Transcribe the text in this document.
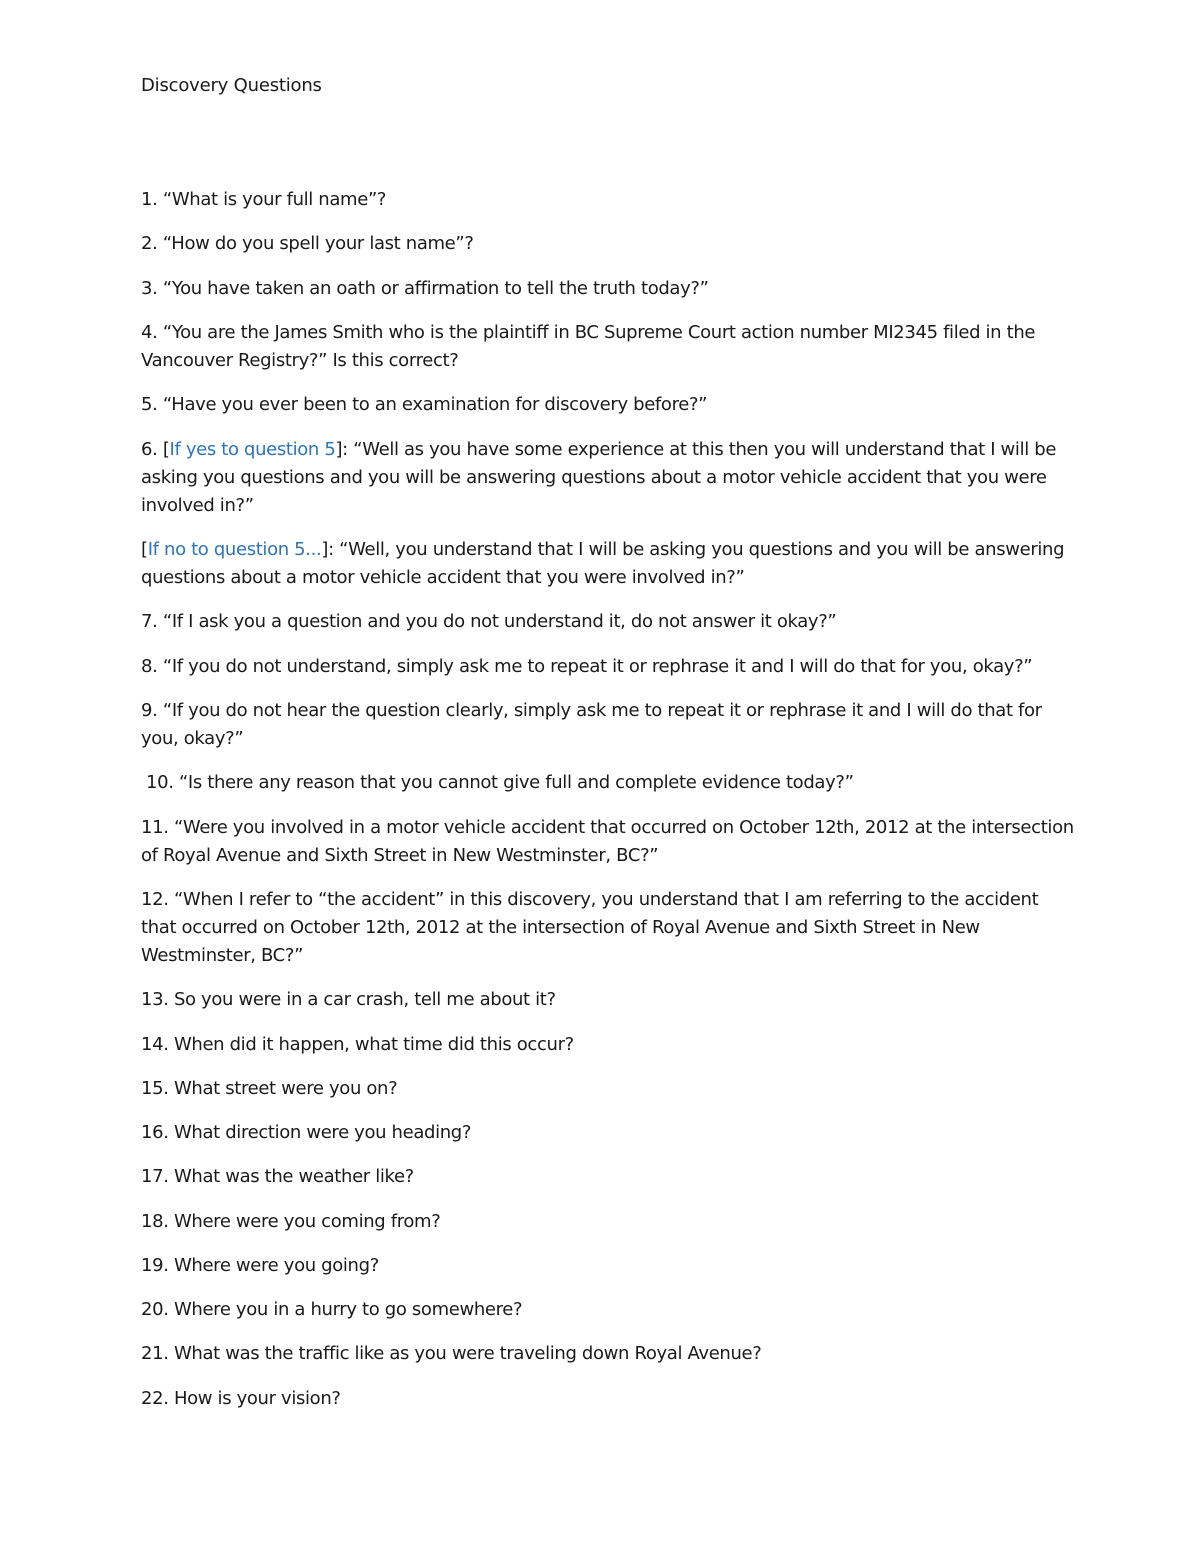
Discovery Questions

1. “What is your full name”?

2. “How do you spell your last name”?

3. “You have taken an oath or affirmation to tell the truth today?”

4. “You are the James Smith who is the plaintiff in BC Supreme Court action number MI2345 filed in the Vancouver Registry?” Is this correct?

5. “Have you ever been to an examination for discovery before?”

6. [If yes to question 5]: “Well as you have some experience at this then you will understand that I will be asking you questions and you will be answering questions about a motor vehicle accident that you were involved in?”

[If no to question 5...]: “Well, you understand that I will be asking you questions and you will be answering questions about a motor vehicle accident that you were involved in?”

7. “If I ask you a question and you do not understand it, do not answer it okay?”

8. “If you do not understand, simply ask me to repeat it or rephrase it and I will do that for you, okay?”

9. “If you do not hear the question clearly, simply ask me to repeat it or rephrase it and I will do that for you, okay?”

10. “Is there any reason that you cannot give full and complete evidence today?”

11. “Were you involved in a motor vehicle accident that occurred on October 12th, 2012 at the intersection of Royal Avenue and Sixth Street in New Westminster, BC?”

12. “When I refer to “the accident” in this discovery, you understand that I am referring to the accident that occurred on October 12th, 2012 at the intersection of Royal Avenue and Sixth Street in New Westminster, BC?”

13. So you were in a car crash, tell me about it?

14. When did it happen, what time did this occur?

15. What street were you on?

16. What direction were you heading?

17. What was the weather like?

18. Where were you coming from?

19. Where were you going?

20. Where you in a hurry to go somewhere?

21. What was the traffic like as you were traveling down Royal Avenue?

22. How is your vision?
